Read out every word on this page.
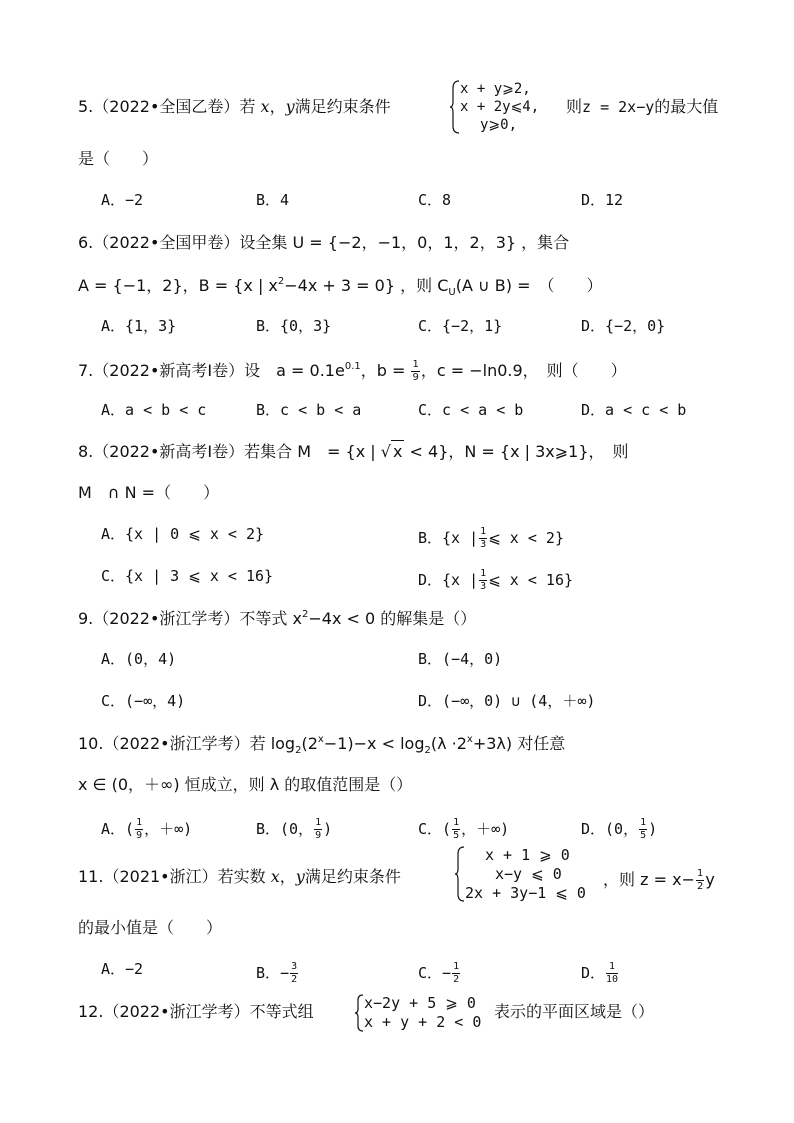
5.（2022•全国乙卷）若 x，y满足约束条件
x + y⩾2,
x + 2y⩽4,
y⩾0,
则z = 2x−y的最大值
是（　　）
A．−2	B．4	C．8	D．12
6.（2022•全国甲卷）设全集 U = {−2，−1，0，1，2，3} ，集合
A = {−1，2}，B = {x | $x^2-4x + 3 = 0$} ，则 $C_U(A$ ∪ B) =　（　　）
A．{1，3}	B．{0，3}	C．{−2，1}	D．{−2，0}
7.（2022•新高考Ⅰ卷）设　$a = 0.1e^{0.1}$，$b = \frac{1}{9}$ ，c = −ln0.9，　则（　　）
A．a < b < c	B．c < b < a	C．c < a < b	D．a < c < b
8.（2022•新高考Ⅰ卷）若集合 M　= {x | √ x < 4}，N = {x | 3x⩾1}，　则
M　∩ N =（　　）
A．{x | 0 ⩽ x < 2}	B．{x | $\frac{1}{3}$ ⩽ x < 2}
C．{x | 3 ⩽ x < 16}	D．{x | $\frac{1}{3}$ ⩽ x < 16}
9.（2022•浙江学考）不等式 $x^2-4x < 0$ 的解集是（）
A．(0，4)	B．(−4，0)
C．(−∞，4)	D．(−∞，0) ∪ (4，＋∞)
10.（2022•浙江学考）若 $\log_2(2^x-1)-x < \log_2(\lambda \cdot 2^x+3\lambda)$ 对任意
x ∈ (0，＋∞) 恒成立，则 λ 的取值范围是（）
A．( $\frac{1}{9}$ ，＋∞)	B．(0， $\frac{1}{9}$ )	C．( $\frac{1}{5}$ ，＋∞)	D．(0， $\frac{1}{5}$ )
11.（2021•浙江）若实数 x，y满足约束条件
x + 1 ⩾ 0
x−y ⩽ 0
2x + 3y−1 ⩽ 0
，则 $z = x- \frac{1}{2}$ y
的最小值是（　　）
A．−2	B．− $\frac{3}{2}$	C．− $\frac{1}{2}$	D． $\frac{1}{10}$
12.（2022•浙江学考）不等式组	x−2y + 5 ⩾ 0
x + y + 2 < 0
表示的平面区域是（）
